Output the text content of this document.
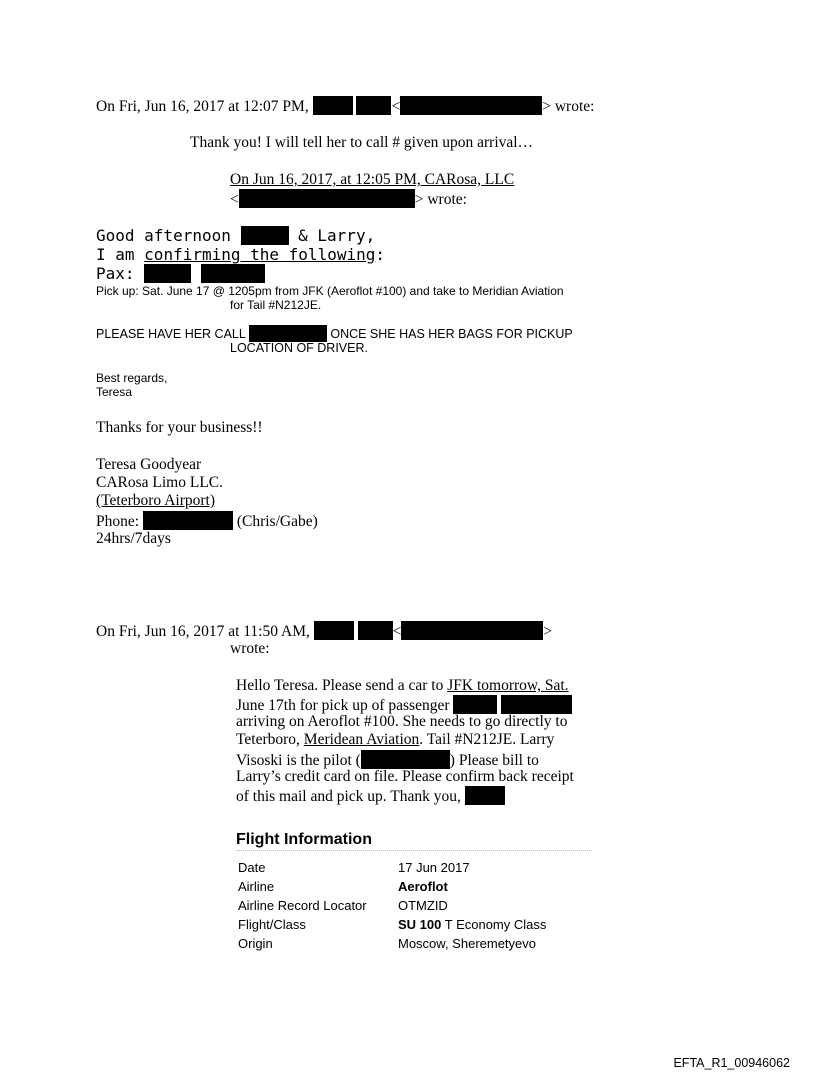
On Fri, Jun 16, 2017 at 12:07 PM,	<	> wrote:
Thank you! I will tell her to call # given upon arrival…
On Jun 16, 2017, at 12:05 PM, CARosa, LLC
<	> wrote:
Good afternoon	& Larry,
I am confirming the following:
Pax:
Pick up: Sat. June 17 @ 1205pm from JFK (Aeroflot #100) and take to Meridian Aviation
for Tail #N212JE.
PLEASE HAVE HER CALL	ONCE SHE HAS HER BAGS FOR PICKUP
LOCATION OF DRIVER.
Best regards,
Teresa
Thanks for your business!!
Teresa Goodyear
CARosa Limo LLC.
(Teterboro Airport)
Phone:	(Chris/Gabe)
24hrs/7days
On Fri, Jun 16, 2017 at 11:50 AM,	<	>
wrote:
Hello Teresa. Please send a car to JFK tomorrow, Sat.
June 17th for pick up of passenger
arriving on Aeroflot #100. She needs to go directly to
Teterboro, Meridean Aviation. Tail #N212JE. Larry
Visoski is the pilot (	) Please bill to
Larry’s credit card on file. Please confirm back receipt
of this mail and pick up. Thank you,
Flight Information
Date	17 Jun 2017
Airline	Aeroflot
Airline Record Locator	OTMZID
Flight/Class	SU 100 T Economy Class
Origin	Moscow, Sheremetyevo
EFTA_R1_00946062
